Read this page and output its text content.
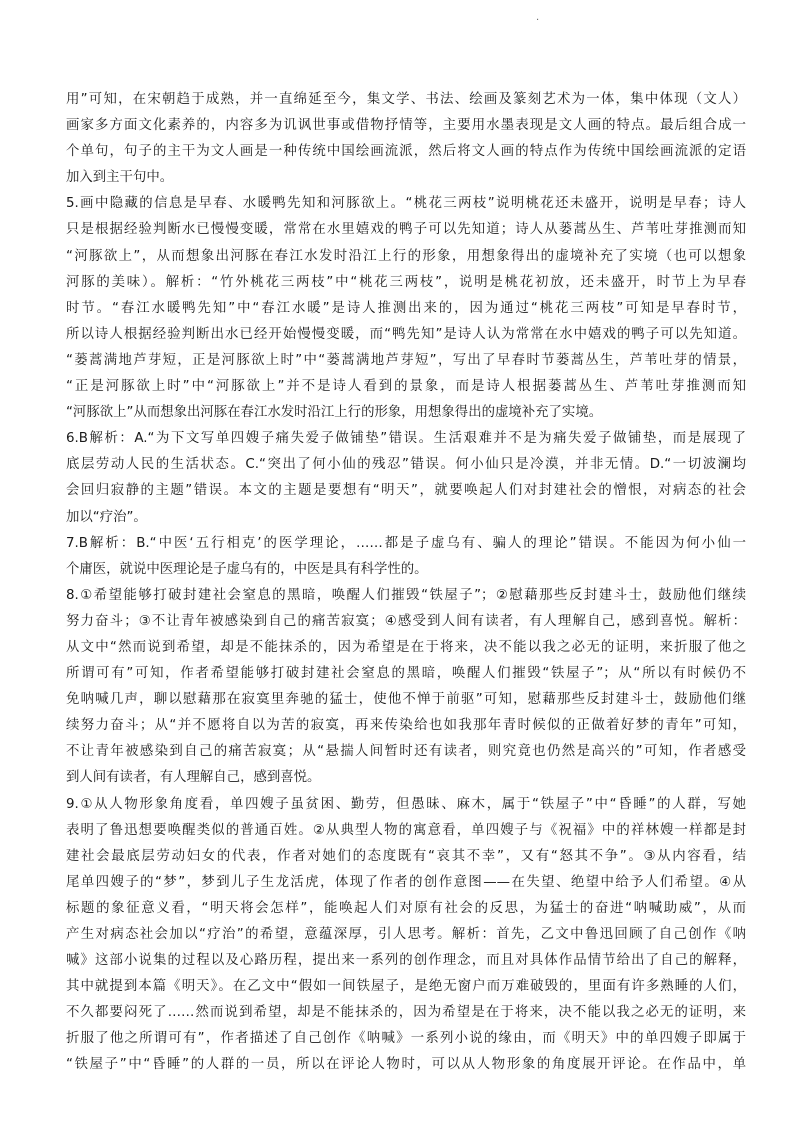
.
用”可知，在宋朝趋于成熟，并一直绵延至今，集文学、书法、绘画及篆刻艺术为一体，集中体现（文人）
画家多方面文化素养的，内容多为讥讽世事或借物抒情等，主要用水墨表现是文人画的特点。最后组合成一
个单句，句子的主干为文人画是一种传统中国绘画流派，然后将文人画的特点作为传统中国绘画流派的定语
加入到主干句中。
5.画中隐藏的信息是早春、水暖鸭先知和河豚欲上。“桃花三两枝”说明桃花还未盛开，说明是早春；诗人
只是根据经验判断水已慢慢变暖，常常在水里嬉戏的鸭子可以先知道；诗人从蒌蒿丛生、芦苇吐芽推测而知
“河豚欲上”，从而想象出河豚在春江水发时沿江上行的形象，用想象得出的虚境补充了实境（也可以想象
河豚的美味）。解析：“竹外桃花三两枝”中“桃花三两枝”，说明是桃花初放，还未盛开，时节上为早春
时节。“春江水暖鸭先知”中“春江水暖”是诗人推测出来的，因为通过“桃花三两枝”可知是早春时节，
所以诗人根据经验判断出水已经开始慢慢变暖，而“鸭先知”是诗人认为常常在水中嬉戏的鸭子可以先知道。
“蒌蒿满地芦芽短，正是河豚欲上时”中“蒌蒿满地芦芽短”，写出了早春时节蒌蒿丛生，芦苇吐芽的情景，
“正是河豚欲上时”中“河豚欲上”并不是诗人看到的景象，而是诗人根据蒌蒿丛生、芦苇吐芽推测而知
“河豚欲上”从而想象出河豚在春江水发时沿江上行的形象，用想象得出的虚境补充了实境。
6.B解析：A.“为下文写单四嫂子痛失爱子做铺垫”错误。生活艰难并不是为痛失爱子做铺垫，而是展现了
底层劳动人民的生活状态。C.“突出了何小仙的残忍”错误。何小仙只是冷漠，并非无情。D.“一切波澜均
会回归寂静的主题”错误。本文的主题是要想有“明天”，就要唤起人们对封建社会的憎恨，对病态的社会
加以“疗治”。
7.B解析：B.“中医‘五行相克’的医学理论，……都是子虚乌有、骗人的理论”错误。不能因为何小仙一
个庸医，就说中医理论是子虚乌有的，中医是具有科学性的。
8.①希望能够打破封建社会窒息的黑暗，唤醒人们摧毁“铁屋子”；②慰藉那些反封建斗士，鼓励他们继续
努力奋斗；③不让青年被感染到自己的痛苦寂寞；④感受到人间有读者，有人理解自己，感到喜悦。解析：
从文中“然而说到希望，却是不能抹杀的，因为希望是在于将来，决不能以我之必无的证明，来折服了他之
所谓可有”可知，作者希望能够打破封建社会窒息的黑暗，唤醒人们摧毁“铁屋子”；从“所以有时候仍不
免呐喊几声，聊以慰藉那在寂寞里奔驰的猛士，使他不惮于前驱”可知，慰藉那些反封建斗士，鼓励他们继
续努力奋斗；从“并不愿将自以为苦的寂寞，再来传染给也如我那年青时候似的正做着好梦的青年”可知，
不让青年被感染到自己的痛苦寂寞；从“悬揣人间暂时还有读者，则究竟也仍然是高兴的”可知，作者感受
到人间有读者，有人理解自己，感到喜悦。
9.①从人物形象角度看，单四嫂子虽贫困、勤劳，但愚昧、麻木，属于“铁屋子”中“昏睡”的人群，写她
表明了鲁迅想要唤醒类似的普通百姓。②从典型人物的寓意看，单四嫂子与《祝福》中的祥林嫂一样都是封
建社会最底层劳动妇女的代表，作者对她们的态度既有“哀其不幸”，又有“怒其不争”。③从内容看，结
尾单四嫂子的“梦”，梦到儿子生龙活虎，体现了作者的创作意图——在失望、绝望中给予人们希望。④从
标题的象征意义看，“明天将会怎样”，能唤起人们对原有社会的反思，为猛士的奋进“呐喊助威”，从而
产生对病态社会加以“疗治”的希望，意蕴深厚，引人思考。解析：首先，乙文中鲁迅回顾了自己创作《呐
喊》这部小说集的过程以及心路历程，提出来一系列的创作理念，而且对具体作品情节给出了自己的解释，
其中就提到本篇《明天》。在乙文中“假如一间铁屋子，是绝无窗户而万难破毁的，里面有许多熟睡的人们，
不久都要闷死了……然而说到希望，却是不能抹杀的，因为希望是在于将来，决不能以我之必无的证明，来
折服了他之所谓可有”，作者描述了自己创作《呐喊》一系列小说的缘由，而《明天》中的单四嫂子即属于
“铁屋子”中“昏睡”的人群的一员，所以在评论人物时，可以从人物形象的角度展开评论。在作品中，单
